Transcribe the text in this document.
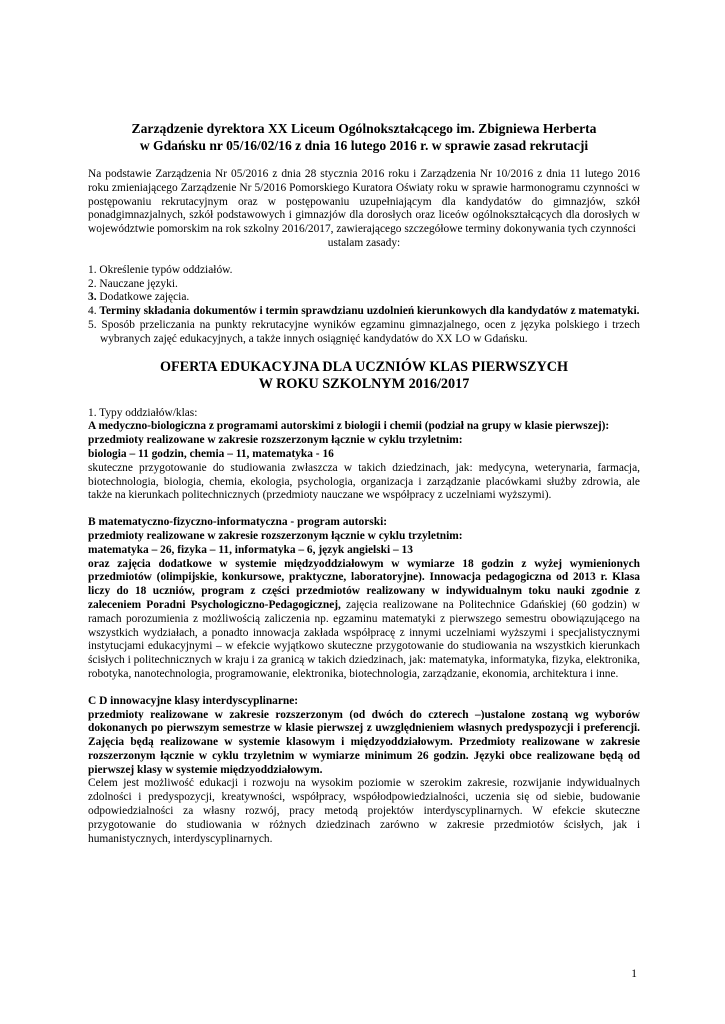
Zarządzenie dyrektora XX Liceum Ogólnokształcącego im. Zbigniewa Herberta
w Gdańsku nr 05/16/02/16 z dnia 16 lutego 2016 r. w sprawie zasad rekrutacji

Na podstawie Zarządzenia Nr 05/2016 z dnia 28 stycznia 2016 roku i Zarządzenia Nr 10/2016 z dnia 11 lutego 2016 roku zmieniającego Zarządzenie Nr 5/2016 Pomorskiego Kuratora Oświaty roku w sprawie harmonogramu czynności w postępowaniu rekrutacyjnym oraz w postępowaniu uzupełniającym dla kandydatów do gimnazjów, szkół ponadgimnazjalnych, szkół podstawowych i gimnazjów dla dorosłych oraz liceów ogólnokształcących dla dorosłych w województwie pomorskim na rok szkolny 2016/2017, zawierającego szczegółowe terminy dokonywania tych czynności

ustalam zasady:

1. Określenie typów oddziałów.
2. Nauczane języki.
3. Dodatkowe zajęcia.
4. Terminy składania dokumentów i termin sprawdzianu uzdolnień kierunkowych dla kandydatów z matematyki.
5. Sposób przeliczania na punkty rekrutacyjne wyników egzaminu gimnazjalnego, ocen z języka polskiego i trzech wybranych zajęć edukacyjnych, a także innych osiągnięć kandydatów do XX LO w Gdańsku.
OFERTA EDUKACYJNA DLA UCZNIÓW KLAS PIERWSZYCH
W ROKU SZKOLNYM 2016/2017

1. Typy oddziałów/klas:

A medyczno-biologiczna z programami autorskimi z biologii i chemii (podział na grupy w klasie pierwszej):

przedmioty realizowane w zakresie rozszerzonym łącznie w cyklu trzyletnim:

biologia – 11 godzin, chemia – 11, matematyka - 16

skuteczne przygotowanie do studiowania zwłaszcza w takich dziedzinach, jak: medycyna, weterynaria, farmacja, biotechnologia, biologia, chemia, ekologia, psychologia, organizacja i zarządzanie placówkami służby zdrowia, ale także na kierunkach politechnicznych (przedmioty nauczane we współpracy z uczelniami wyższymi).

B matematyczno-fizyczno-informatyczna - program autorski:

przedmioty realizowane w zakresie rozszerzonym łącznie w cyklu trzyletnim:

matematyka – 26, fizyka – 11, informatyka – 6, język angielski – 13

oraz zajęcia dodatkowe w systemie międzyoddziałowym w wymiarze 18 godzin z wyżej wymienionych przedmiotów (olimpijskie, konkursowe, praktyczne, laboratoryjne). Innowacja pedagogiczna od 2013 r. Klasa liczy do 18 uczniów, program z części przedmiotów realizowany w indywidualnym toku nauki zgodnie z zaleceniem Poradni Psychologiczno-Pedagogicznej, zajęcia realizowane na Politechnice Gdańskiej (60 godzin) w ramach porozumienia z możliwością zaliczenia np. egzaminu matematyki z pierwszego semestru obowiązującego na wszystkich wydziałach, a ponadto innowacja zakłada współpracę z innymi uczelniami wyższymi i specjalistycznymi instytucjami edukacyjnymi – w efekcie wyjątkowo skuteczne przygotowanie do studiowania na wszystkich kierunkach ścisłych i politechnicznych w kraju i za granicą w takich dziedzinach, jak: matematyka, informatyka, fizyka, elektronika, robotyka, nanotechnologia, programowanie, elektronika, biotechnologia, zarządzanie, ekonomia, architektura i inne.

C D innowacyjne klasy interdyscyplinarne:

przedmioty realizowane w zakresie rozszerzonym (od dwóch do czterech –)ustalone zostaną wg wyborów dokonanych po pierwszym semestrze w klasie pierwszej z uwzględnieniem własnych predyspozycji i preferencji. Zajęcia będą realizowane w systemie klasowym i międzyoddziałowym. Przedmioty realizowane w zakresie rozszerzonym łącznie w cyklu trzyletnim w wymiarze minimum 26 godzin. Języki obce realizowane będą od pierwszej klasy w systemie międzyoddziałowym.

Celem jest możliwość edukacji i rozwoju na wysokim poziomie w szerokim zakresie, rozwijanie indywidualnych zdolności i predyspozycji, kreatywności, współpracy, współodpowiedzialności, uczenia się od siebie, budowanie odpowiedzialności za własny rozwój, pracy metodą projektów interdyscyplinarnych. W efekcie skuteczne przygotowanie do studiowania w różnych dziedzinach zarówno w zakresie przedmiotów ścisłych, jak i humanistycznych, interdyscyplinarnych.

1
